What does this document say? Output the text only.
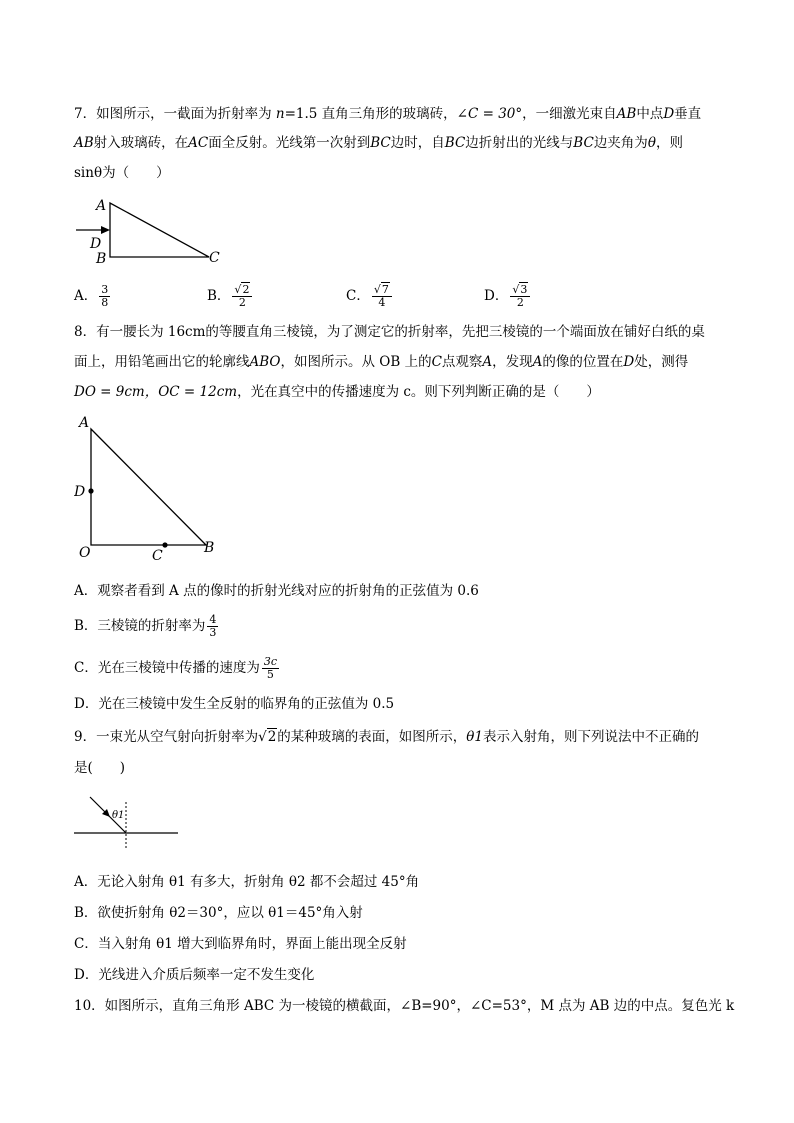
7．如图所示，一截面为折射率为 n=1.5 直角三角形的玻璃砖，∠C = 30°，一细激光束自AB中点D垂直
AB射入玻璃砖，在AC面全反射。光线第一次射到BC边时，自BC边折射出的光线与BC边夹角为θ，则
sinθ为（　　）
A
D
B	C
A． $\frac{3}{8}$	B． $\frac{√2}{2}$	C． $\frac{√7}{4}$	D． $\frac{√3}{2}$
8．有一腰长为 16cm的等腰直角三棱镜，为了测定它的折射率，先把三棱镜的一个端面放在铺好白纸的桌
面上，用铅笔画出它的轮廓线ABO，如图所示。从 OB 上的C点观察A，发现A的像的位置在D处，测得
DO = 9cm，OC = 12cm，光在真空中的传播速度为 c。则下列判断正确的是（　　）
A
D
O	C	B
A．观察者看到 A 点的像时的折射光线对应的折射角的正弦值为 0.6
B．三棱镜的折射率为 $\frac{4}{3}$
C．光在三棱镜中传播的速度为 $\frac{3c}{5}$
D．光在三棱镜中发生全反射的临界角的正弦值为 0.5
9．一束光从空气射向折射率为√2的某种玻璃的表面，如图所示，θ1表示入射角，则下列说法中不正确的
是(　　)
θ1
A．无论入射角 θ1 有多大，折射角 θ2 都不会超过 45°角
B．欲使折射角 θ2＝30°，应以 θ1＝45°角入射
C．当入射角 θ1 增大到临界角时，界面上能出现全反射
D．光线进入介质后频率一定不发生变化
10．如图所示，直角三角形 ABC 为一棱镜的横截面，∠B=90°，∠C=53°，M 点为 AB 边的中点。复色光 k
